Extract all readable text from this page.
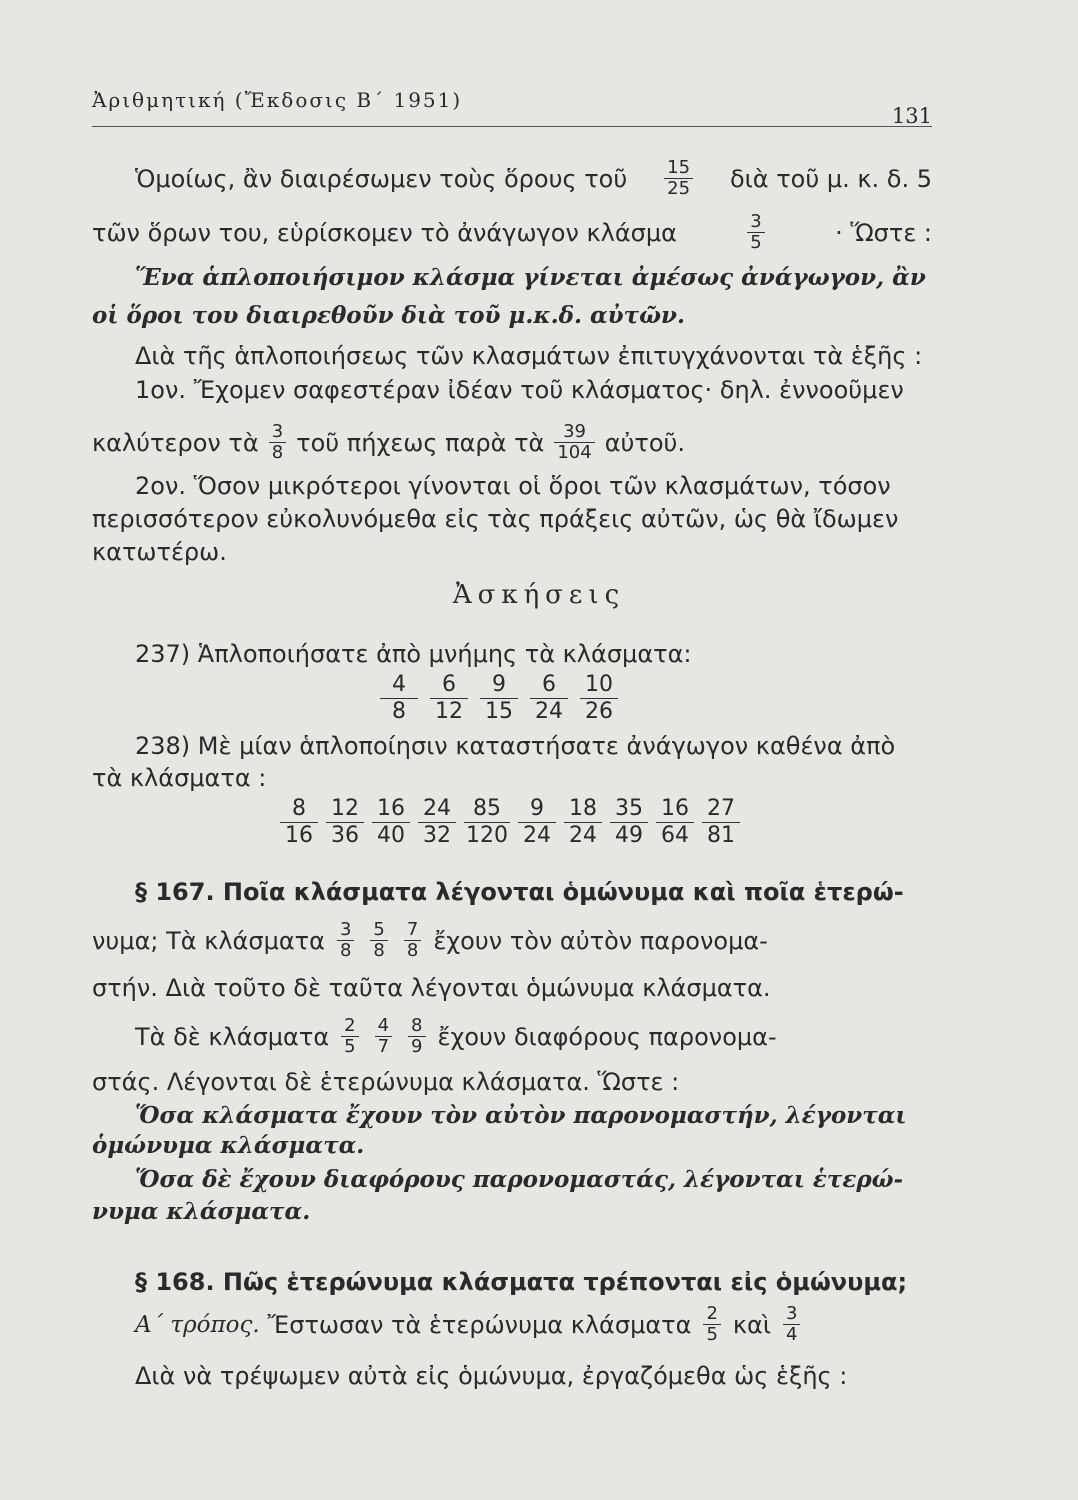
Ἀριθμητική (Ἔκδοσις Β΄ 1951)
131
Ὁμοίως, ἂν διαιρέσωμεν τοὺς ὅρους τοῦ $\frac{15}{25}$ διὰ τοῦ μ. κ. δ. 5
τῶν ὅρων του, εὑρίσκομεν τὸ ἀνάγωγον κλάσμα	$\frac{3}{5}$	· Ὥστε :
Ἕνα ἁπλοποιήσιμον κλάσμα γίνεται ἀμέσως ἀνάγωγον, ἂν
οἱ ὅροι του διαιρεθοῦν διὰ τοῦ μ.κ.δ. αὐτῶν.
Διὰ τῆς ἁπλοποιήσεως τῶν κλασμάτων ἐπιτυγχάνονται τὰ ἑξῆς :
1ον. Ἔχομεν σαφεστέραν ἰδέαν τοῦ κλάσματος· δηλ. ἐννοοῦμεν
καλύτερον τὰ $\frac{3}{8}$ τοῦ πήχεως παρὰ τὰ $\frac{39}{104}$ αὐτοῦ.
2ον. Ὅσον μικρότεροι γίνονται οἱ ὅροι τῶν κλασμάτων, τόσον
περισσότερον εὐκολυνόμεθα εἰς τὰς πράξεις αὐτῶν, ὡς θὰ ἴδωμεν
κατωτέρω.
Ἀσκήσεις
237) Ἁπλοποιήσατε ἀπὸ μνήμης τὰ κλάσματα:
$\frac{4}{8} \frac{6}{12} \frac{9}{15} \frac{6}{24} \frac{10}{26}$
238) Μὲ μίαν ἁπλοποίησιν καταστήσατε ἀνάγωγον καθένα ἀπὸ
τὰ κλάσματα :
$\frac{8}{16} \frac{12}{36} \frac{16}{40} \frac{24}{32} \frac{85}{120} \frac{9}{24} \frac{18}{24} \frac{35}{49} \frac{16}{64} \frac{27}{81}$
§ 167. Ποῖα κλάσματα λέγονται ὁμώνυμα καὶ ποῖα ἑτερώ-
νυμα; Τὰ κλάσματα $\frac{3}{8} \frac{5}{8} \frac{7}{8}$ ἔχουν τὸν αὐτὸν παρονομα-
στήν. Διὰ τοῦτο δὲ ταῦτα λέγονται ὁμώνυμα κλάσματα.
Τὰ δὲ κλάσματα $\frac{2}{5} \frac{4}{7} \frac{8}{9}$ ἔχουν διαφόρους παρονομα-
στάς. Λέγονται δὲ ἑτερώνυμα κλάσματα. Ὥστε :
Ὅσα κλάσματα ἔχουν τὸν αὐτὸν παρονομαστήν, λέγονται
ὁμώνυμα κλάσματα.
Ὅσα δὲ ἔχουν διαφόρους παρονομαστάς, λέγονται ἑτερώ-
νυμα κλάσματα.
§ 168. Πῶς ἑτερώνυμα κλάσματα τρέπονται εἰς ὁμώνυμα;
Α΄ τρόπος. Ἔστωσαν τὰ ἑτερώνυμα κλάσματα $\frac{2}{5}$ καὶ $\frac{3}{4}$
Διὰ νὰ τρέψωμεν αὐτὰ εἰς ὁμώνυμα, ἐργαζόμεθα ὡς ἑξῆς :
